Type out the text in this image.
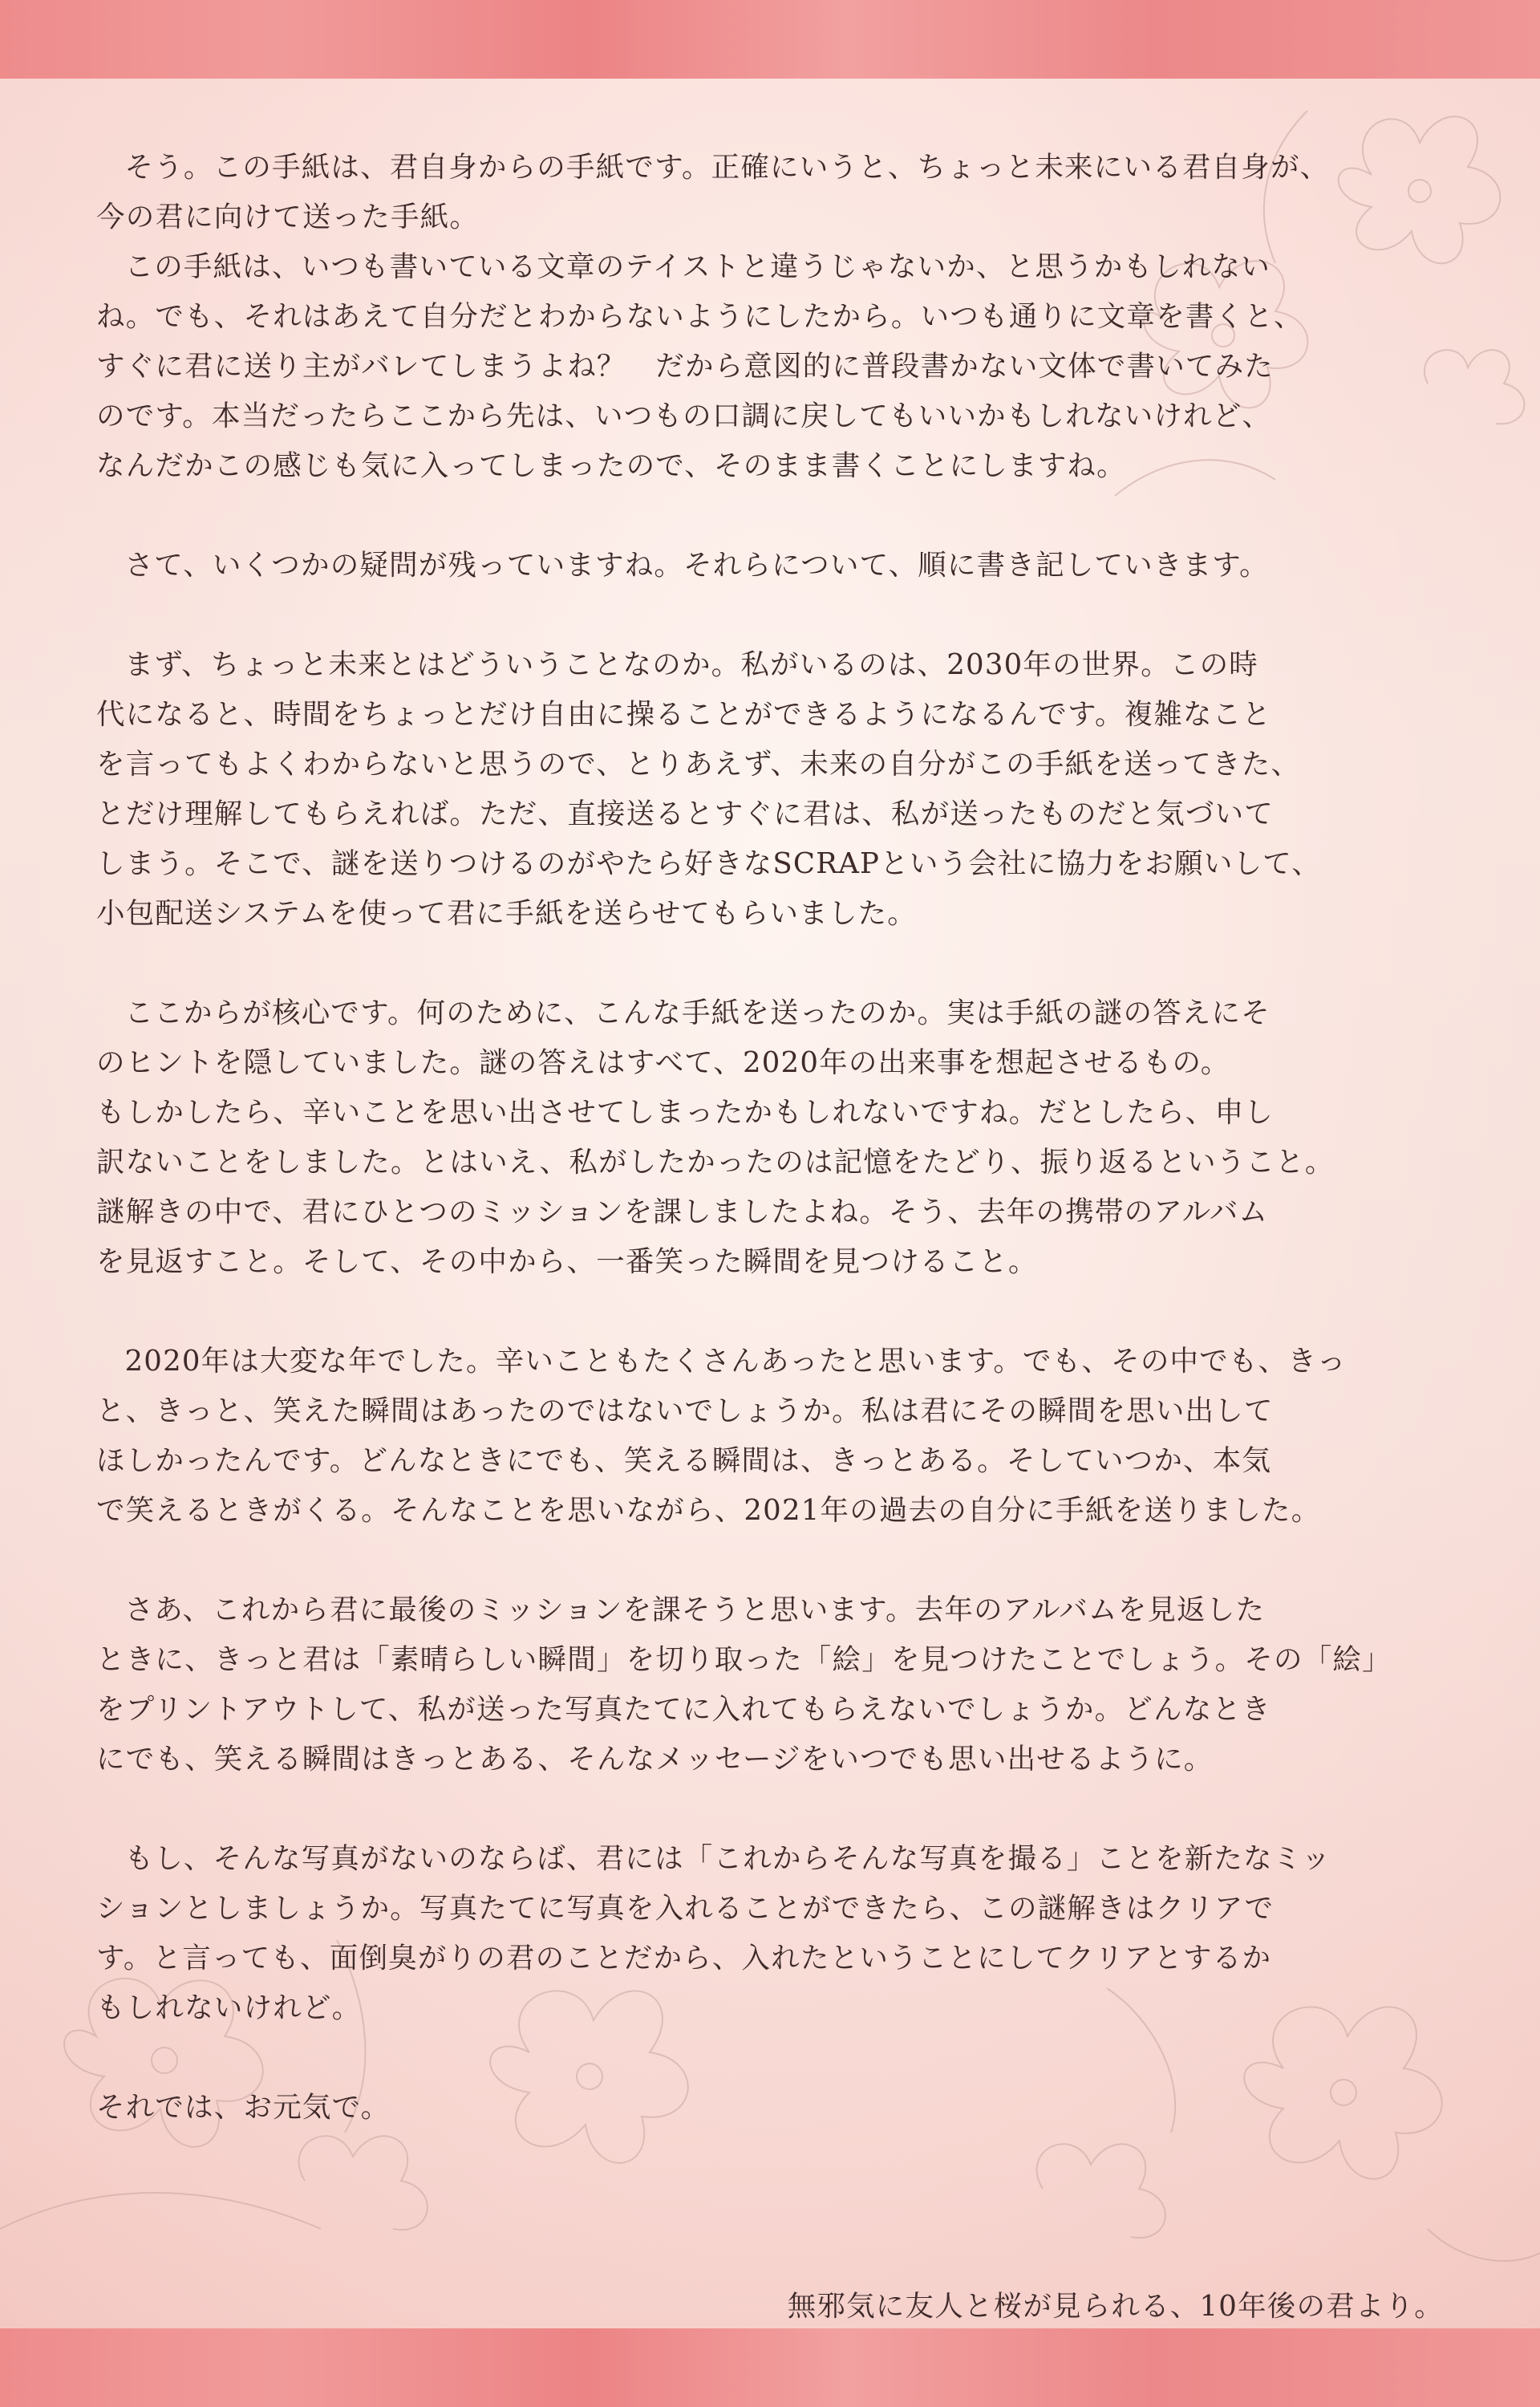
そう。この手紙は、君自身からの手紙です。正確にいうと、ちょっと未来にいる君自身が、
今の君に向けて送った手紙。
この手紙は、いつも書いている文章のテイストと違うじゃないか、と思うかもしれない
ね。でも、それはあえて自分だとわからないようにしたから。いつも通りに文章を書くと、
すぐに君に送り主がバレてしまうよね？　だから意図的に普段書かない文体で書いてみた
のです。本当だったらここから先は、いつもの口調に戻してもいいかもしれないけれど、
なんだかこの感じも気に入ってしまったので、そのまま書くことにしますね。

さて、いくつかの疑問が残っていますね。それらについて、順に書き記していきます。

まず、ちょっと未来とはどういうことなのか。私がいるのは、2030年の世界。この時
代になると、時間をちょっとだけ自由に操ることができるようになるんです。複雑なこと
を言ってもよくわからないと思うので、とりあえず、未来の自分がこの手紙を送ってきた、
とだけ理解してもらえれば。ただ、直接送るとすぐに君は、私が送ったものだと気づいて
しまう。そこで、謎を送りつけるのがやたら好きなSCRAPという会社に協力をお願いして、
小包配送システムを使って君に手紙を送らせてもらいました。

ここからが核心です。何のために、こんな手紙を送ったのか。実は手紙の謎の答えにそ
のヒントを隠していました。謎の答えはすべて、2020年の出来事を想起させるもの。
もしかしたら、辛いことを思い出させてしまったかもしれないですね。だとしたら、申し
訳ないことをしました。とはいえ、私がしたかったのは記憶をたどり、振り返るということ。
謎解きの中で、君にひとつのミッションを課しましたよね。そう、去年の携帯のアルバム
を見返すこと。そして、その中から、一番笑った瞬間を見つけること。

2020年は大変な年でした。辛いこともたくさんあったと思います。でも、その中でも、きっ
と、きっと、笑えた瞬間はあったのではないでしょうか。私は君にその瞬間を思い出して
ほしかったんです。どんなときにでも、笑える瞬間は、きっとある。そしていつか、本気
で笑えるときがくる。そんなことを思いながら、2021年の過去の自分に手紙を送りました。

さあ、これから君に最後のミッションを課そうと思います。去年のアルバムを見返した
ときに、きっと君は「素晴らしい瞬間」を切り取った「絵」を見つけたことでしょう。その「絵」
をプリントアウトして、私が送った写真たてに入れてもらえないでしょうか。どんなとき
にでも、笑える瞬間はきっとある、そんなメッセージをいつでも思い出せるように。

もし、そんな写真がないのならば、君には「これからそんな写真を撮る」ことを新たなミッ
ションとしましょうか。写真たてに写真を入れることができたら、この謎解きはクリアで
す。と言っても、面倒臭がりの君のことだから、入れたということにしてクリアとするか
もしれないけれど。

それでは、お元気で。

無邪気に友人と桜が見られる、10年後の君より。
